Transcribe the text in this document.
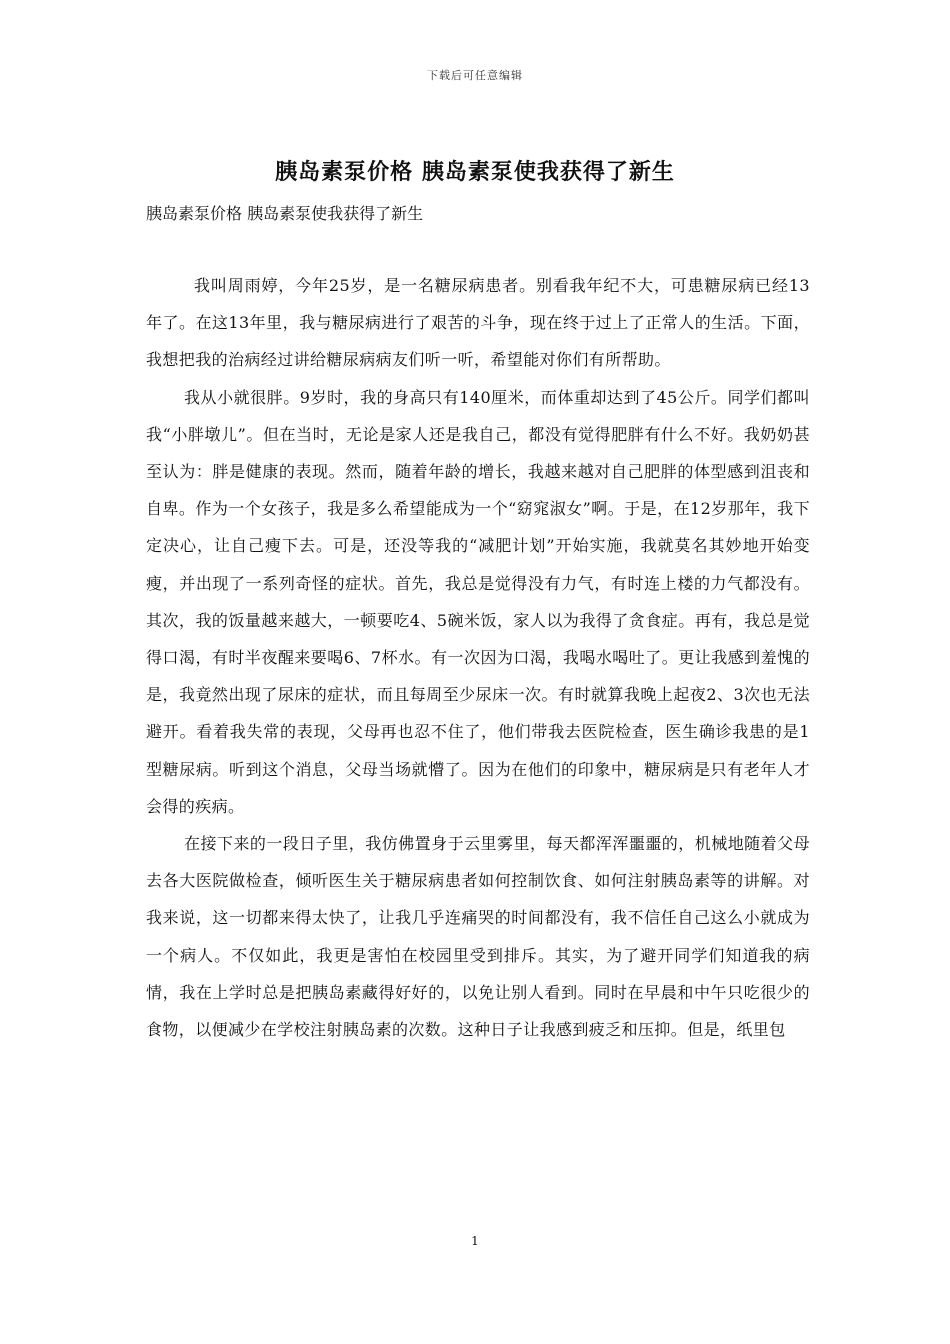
下载后可任意编辑
胰岛素泵价格 胰岛素泵使我获得了新生
胰岛素泵价格 胰岛素泵使我获得了新生

我叫周雨婷，今年25岁，是一名糖尿病患者。别看我年纪不大，可患糖尿病已经13年了。在这13年里，我与糖尿病进行了艰苦的斗争，现在终于过上了正常人的生活。下面，我想把我的治病经过讲给糖尿病病友们听一听，希望能对你们有所帮助。

我从小就很胖。9岁时，我的身高只有140厘米，而体重却达到了45公斤。同学们都叫我“小胖墩儿”。但在当时，无论是家人还是我自己，都没有觉得肥胖有什么不好。我奶奶甚至认为：胖是健康的表现。然而，随着年龄的增长，我越来越对自己肥胖的体型感到沮丧和自卑。作为一个女孩子，我是多么希望能成为一个“窈窕淑女”啊。于是，在12岁那年，我下定决心，让自己瘦下去。可是，还没等我的“减肥计划”开始实施，我就莫名其妙地开始变瘦，并出现了一系列奇怪的症状。首先，我总是觉得没有力气，有时连上楼的力气都没有。其次，我的饭量越来越大，一顿要吃4、5碗米饭，家人以为我得了贪食症。再有，我总是觉得口渴，有时半夜醒来要喝6、7杯水。有一次因为口渴，我喝水喝吐了。更让我感到羞愧的是，我竟然出现了尿床的症状，而且每周至少尿床一次。有时就算我晚上起夜2、3次也无法避开。看着我失常的表现，父母再也忍不住了，他们带我去医院检查，医生确诊我患的是1型糖尿病。听到这个消息，父母当场就懵了。因为在他们的印象中，糖尿病是只有老年人才会得的疾病。

在接下来的一段日子里，我仿佛置身于云里雾里，每天都浑浑噩噩的，机械地随着父母去各大医院做检查，倾听医生关于糖尿病患者如何控制饮食、如何注射胰岛素等的讲解。对我来说，这一切都来得太快了，让我几乎连痛哭的时间都没有，我不信任自己这么小就成为一个病人。不仅如此，我更是害怕在校园里受到排斥。其实，为了避开同学们知道我的病情，我在上学时总是把胰岛素藏得好好的，以免让别人看到。同时在早晨和中午只吃很少的食物，以便减少在学校注射胰岛素的次数。这种日子让我感到疲乏和压抑。但是，纸里包

1
